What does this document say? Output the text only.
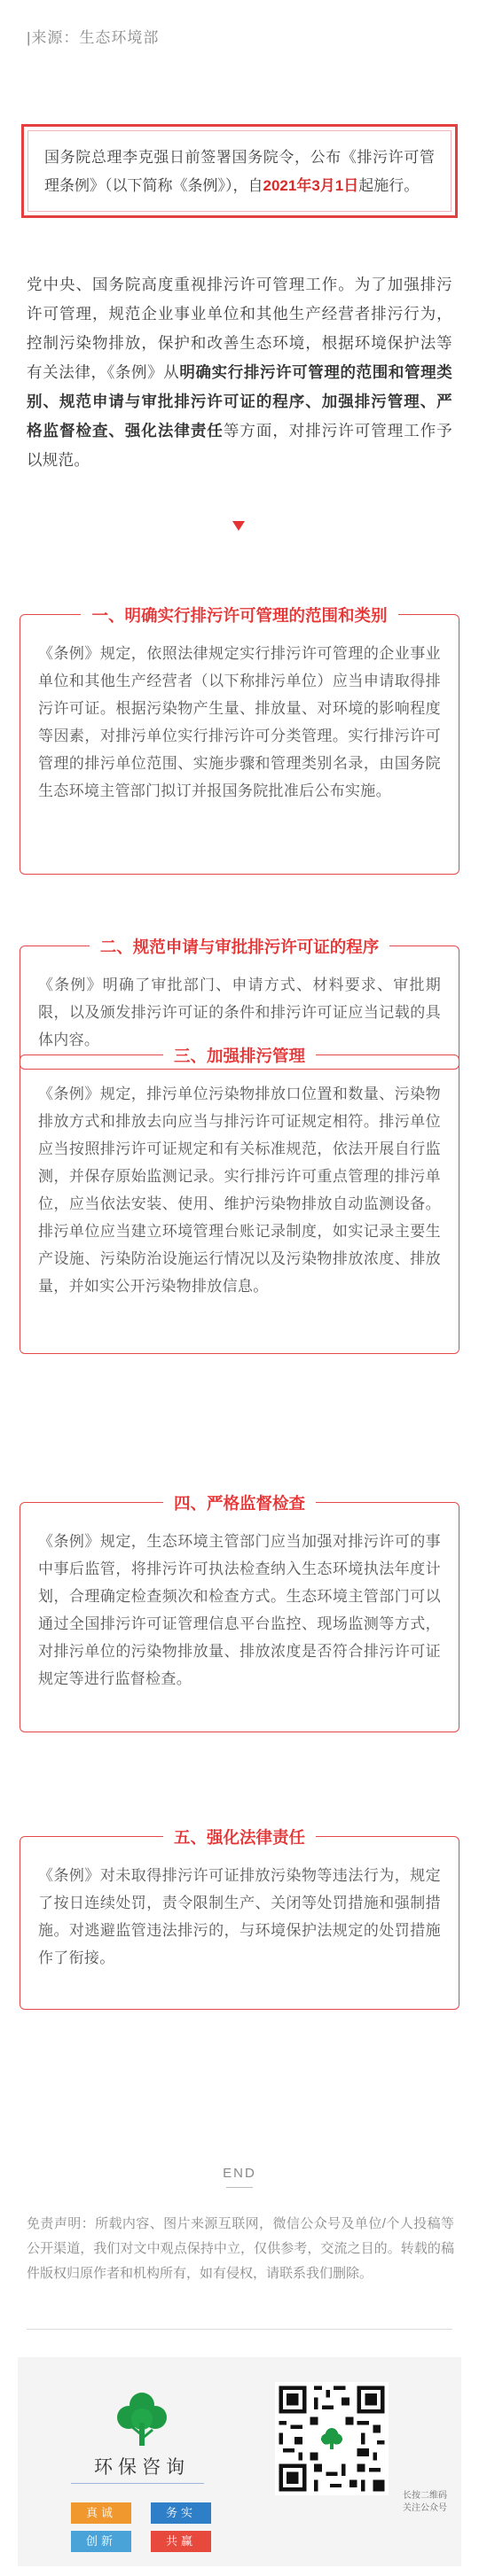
|来源：生态环境部
国务院总理李克强日前签署国务院令，公布《排污许可管理条例》（以下简称《条例》），自2021年3月1日起施行。
党中央、国务院高度重视排污许可管理工作。为了加强排污许可管理，规范企业事业单位和其他生产经营者排污行为，控制污染物排放，保护和改善生态环境，根据环境保护法等有关法律，《条例》从明确实行排污许可管理的范围和管理类别、规范申请与审批排污许可证的程序、加强排污管理、严格监督检查、强化法律责任等方面，对排污许可管理工作予以规范。
一、明确实行排污许可管理的范围和类别
《条例》规定，依照法律规定实行排污许可管理的企业事业单位和其他生产经营者（以下称排污单位）应当申请取得排污许可证。根据污染物产生量、排放量、对环境的影响程度等因素，对排污单位实行排污许可分类管理。实行排污许可管理的排污单位范围、实施步骤和管理类别名录，由国务院生态环境主管部门拟订并报国务院批准后公布实施。
二、规范申请与审批排污许可证的程序
《条例》明确了审批部门、申请方式、材料要求、审批期限，以及颁发排污许可证的条件和排污许可证应当记载的具体内容。
三、加强排污管理
《条例》规定，排污单位污染物排放口位置和数量、污染物排放方式和排放去向应当与排污许可证规定相符。排污单位应当按照排污许可证规定和有关标准规范，依法开展自行监测，并保存原始监测记录。实行排污许可重点管理的排污单位，应当依法安装、使用、维护污染物排放自动监测设备。排污单位应当建立环境管理台账记录制度，如实记录主要生产设施、污染防治设施运行情况以及污染物排放浓度、排放量，并如实公开污染物排放信息。
四、严格监督检查
《条例》规定，生态环境主管部门应当加强对排污许可的事中事后监管，将排污许可执法检查纳入生态环境执法年度计划，合理确定检查频次和检查方式。生态环境主管部门可以通过全国排污许可证管理信息平台监控、现场监测等方式，对排污单位的污染物排放量、排放浓度是否符合排污许可证规定等进行监督检查。
五、强化法律责任
《条例》对未取得排污许可证排放污染物等违法行为，规定了按日连续处罚，责令限制生产、关闭等处罚措施和强制措施。对逃避监管违法排污的，与环境保护法规定的处罚措施作了衔接。
END
免责声明：所载内容、图片来源互联网，微信公众号及单位/个人投稿等公开渠道，我们对文中观点保持中立，仅供参考，交流之目的。转载的稿件版权归原作者和机构所有，如有侵权，请联系我们删除。
环保咨询
真诚	务实
创新	共赢
长按二维码
关注公众号
